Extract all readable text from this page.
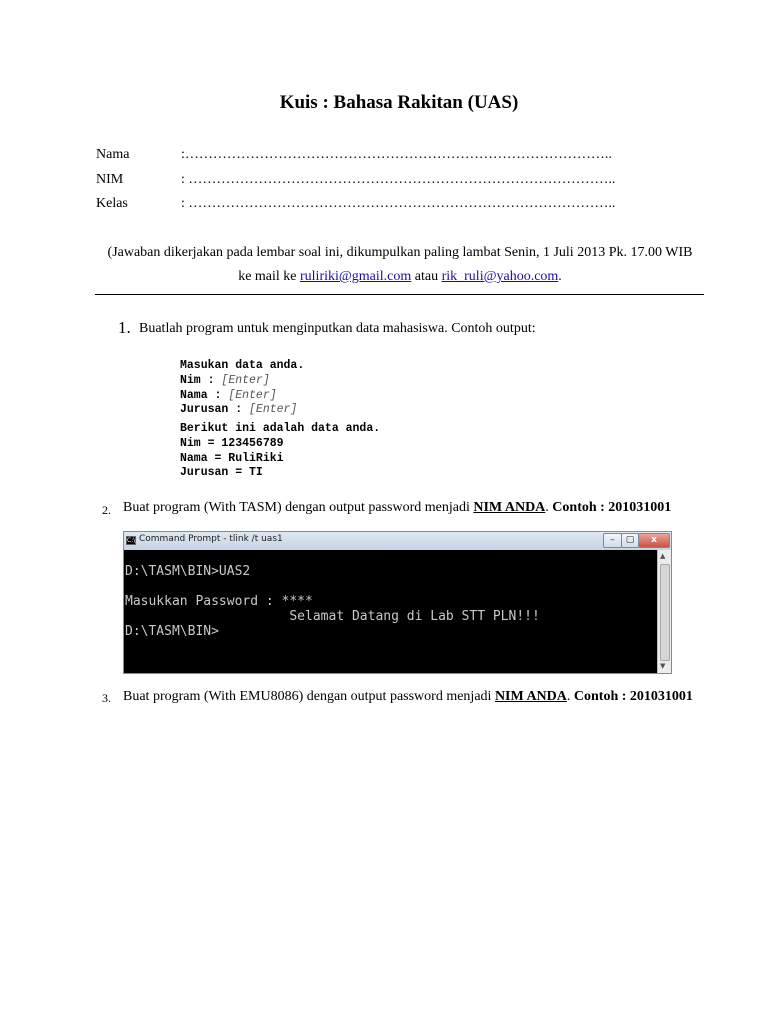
Kuis : Bahasa Rakitan (UAS)
Nama	:………………………………………………………………………………..
NIM	: ………………………………………………………………………………..
Kelas	: ………………………………………………………………………………..
(Jawaban dikerjakan pada lembar soal ini, dikumpulkan paling lambat Senin, 1 Juli 2013 Pk. 17.00 WIB
ke mail ke ruliriki@gmail.com atau rik_ruli@yahoo.com.
1. Buatlah program untuk menginputkan data mahasiswa. Contoh output:
Masukan data anda.
Nim : [Enter]
Nama : [Enter]
Jurusan : [Enter]
Berikut ini adalah data anda.
Nim = 123456789
Nama = RuliRiki
Jurusan = TI
2. Buat program (With TASM) dengan output password menjadi NIM ANDA. Contoh : 201031001
C:\ Command Prompt - tlink /t uas1	–	▢	x
D:\TASM\BIN>UAS2
Masukkan Password : ****
Selamat Datang di Lab STT PLN!!!
D:\TASM\BIN>
▲
▼
3. Buat program (With EMU8086) dengan output password menjadi NIM ANDA. Contoh : 201031001
